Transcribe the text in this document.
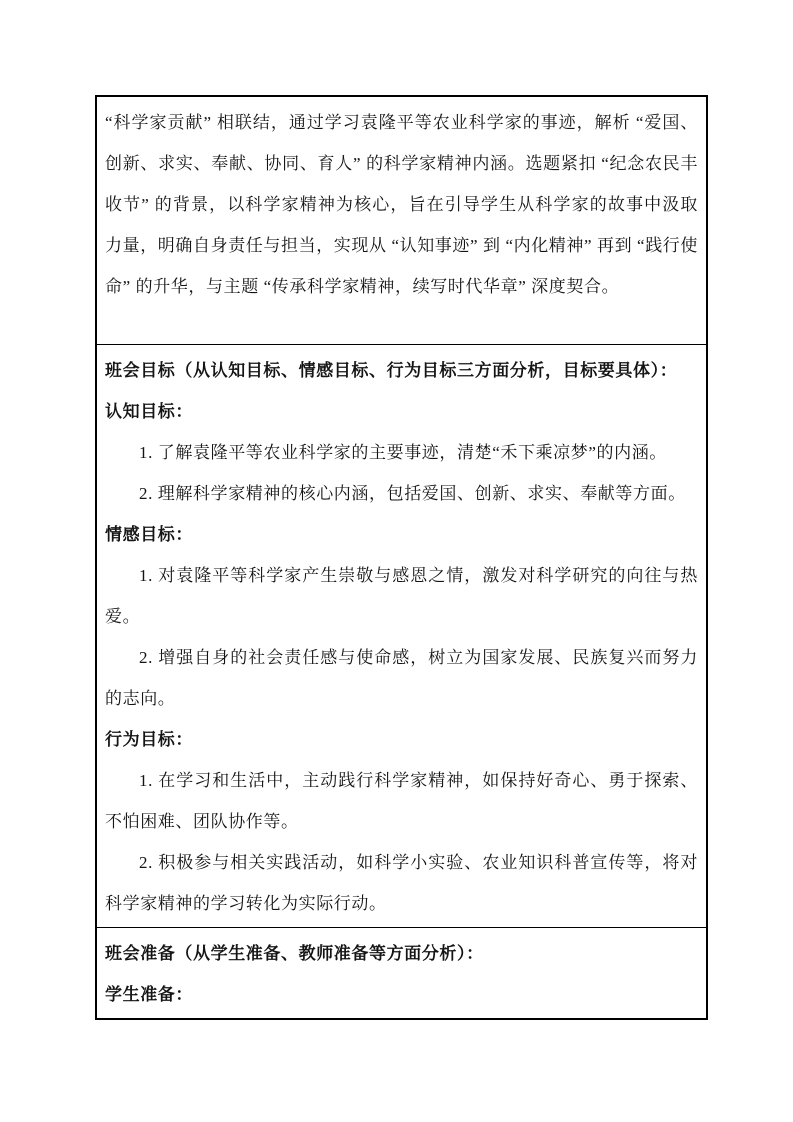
“科学家贡献” 相联结，通过学习袁隆平等农业科学家的事迹，解析 “爱国、创新、求实、奉献、协同、育人” 的科学家精神内涵。选题紧扣 “纪念农民丰收节” 的背景，以科学家精神为核心，旨在引导学生从科学家的故事中汲取力量，明确自身责任与担当，实现从 “认知事迹” 到 “内化精神” 再到 “践行使命” 的升华，与主题 “传承科学家精神，续写时代华章” 深度契合。

班会目标（从认知目标、情感目标、行为目标三方面分析，目标要具体）：

认知目标：

1. 了解袁隆平等农业科学家的主要事迹，清楚“禾下乘凉梦”的内涵。

2. 理解科学家精神的核心内涵，包括爱国、创新、求实、奉献等方面。

情感目标：

1. 对袁隆平等科学家产生崇敬与感恩之情，激发对科学研究的向往与热爱。

2. 增强自身的社会责任感与使命感，树立为国家发展、民族复兴而努力的志向。

行为目标：

1. 在学习和生活中，主动践行科学家精神，如保持好奇心、勇于探索、不怕困难、团队协作等。

2. 积极参与相关实践活动，如科学小实验、农业知识科普宣传等，将对科学家精神的学习转化为实际行动。

班会准备（从学生准备、教师准备等方面分析）：

学生准备：
